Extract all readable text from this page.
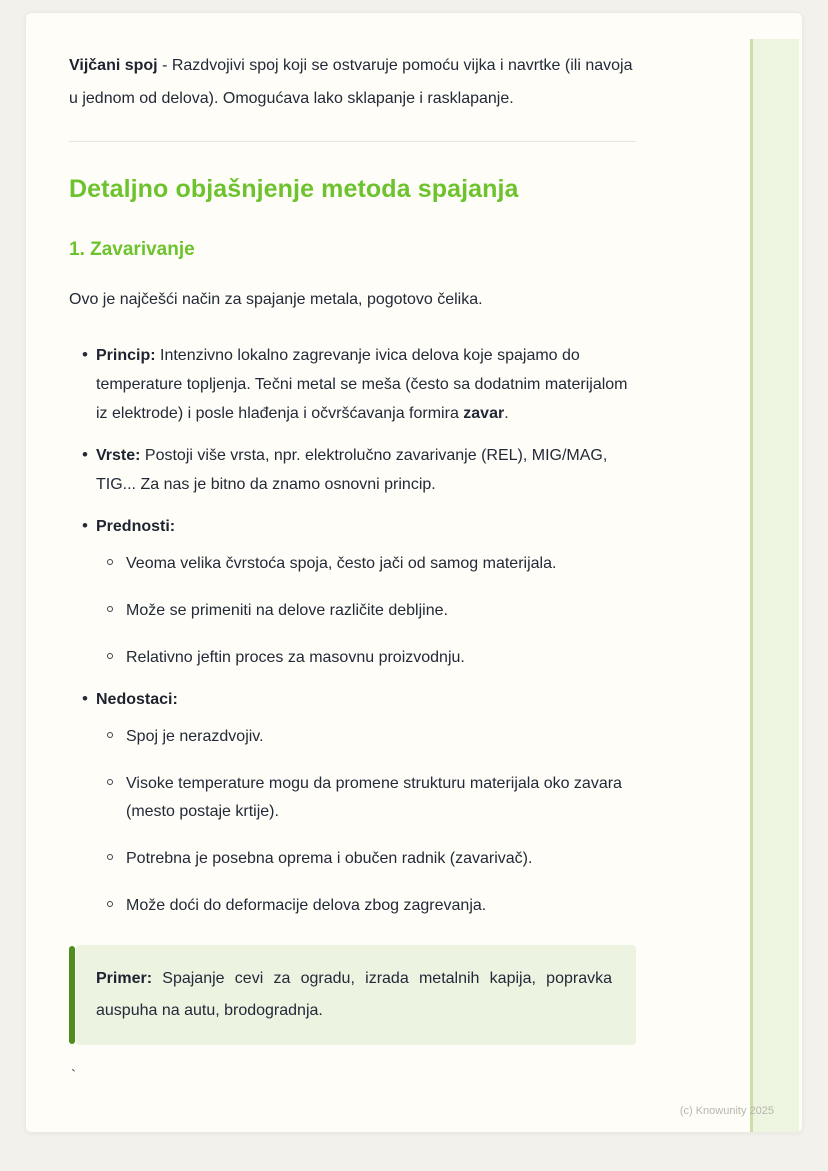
Vijčani spoj - Razdvojivi spoj koji se ostvaruje pomoću vijka i navrtke (ili navoja u jednom od delova). Omogućava lako sklapanje i rasklapanje.

Detaljno objašnjenje metoda spajanja
1. Zavarivanje

Ovo je najčešći način za spajanje metala, pogotovo čelika.

• Princip: Intenzivno lokalno zagrevanje ivica delova koje spajamo do temperature topljenja. Tečni metal se meša (često sa dodatnim materijalom iz elektrode) i posle hlađenja i očvršćavanja formira zavar.
• Vrste: Postoji više vrsta, npr. elektrolučno zavarivanje (REL), MIG/MAG, TIG... Za nas je bitno da znamo osnovni princip.
• Prednosti:
Veoma velika čvrstoća spoja, često jači od samog materijala.
Može se primeniti na delove različite debljine.
Relativno jeftin proces za masovnu proizvodnju.
• Nedostaci:
Spoj je nerazdvojiv.
Visoke temperature mogu da promene strukturu materijala oko zavara (mesto postaje krtije).
Potrebna je posebna oprema i obučen radnik (zavarivač).
Može doći do deformacije delova zbog zagrevanja.

Primer: Spajanje cevi za ogradu, izrada metalnih kapija, popravka auspuha na autu, brodogradnja.

`

(c) Knowunity 2025
